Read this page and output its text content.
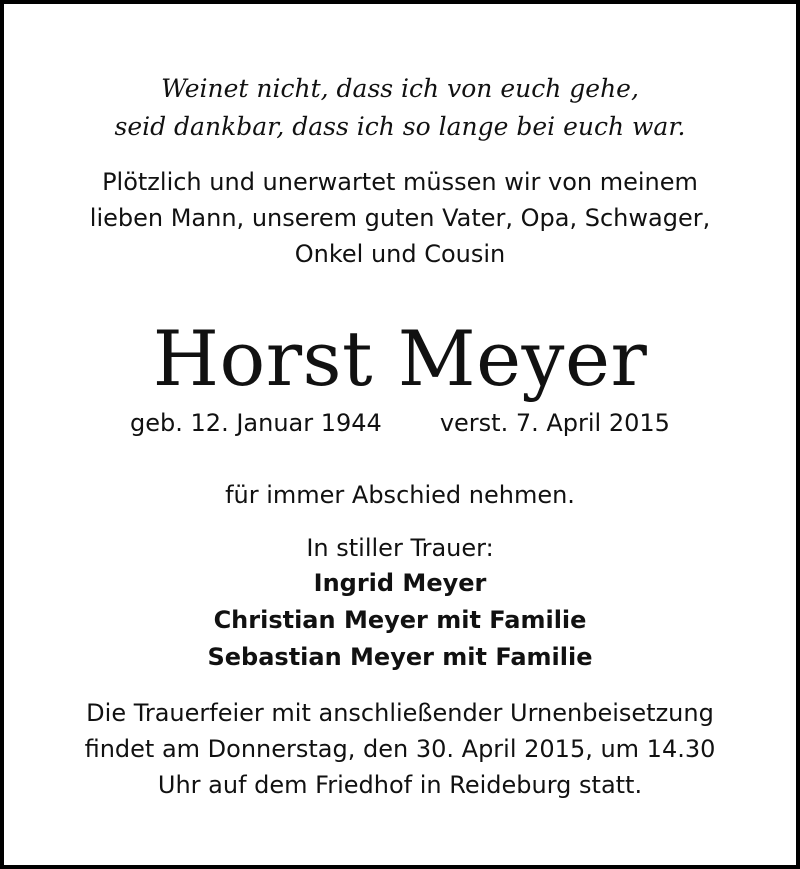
Weinet nicht, dass ich von euch gehe,
seid dankbar, dass ich so lange bei euch war.
Plötzlich und unerwartet müssen wir von meinem
lieben Mann, unserem guten Vater, Opa, Schwager,
Onkel und Cousin
Horst Meyer
geb. 12. Januar 1944 verst. 7. April 2015
für immer Abschied nehmen.
In stiller Trauer:
Ingrid Meyer
Christian Meyer mit Familie
Sebastian Meyer mit Familie
Die Trauerfeier mit anschließender Urnenbeisetzung
findet am Donnerstag, den 30. April 2015, um 14.30
Uhr auf dem Friedhof in Reideburg statt.
